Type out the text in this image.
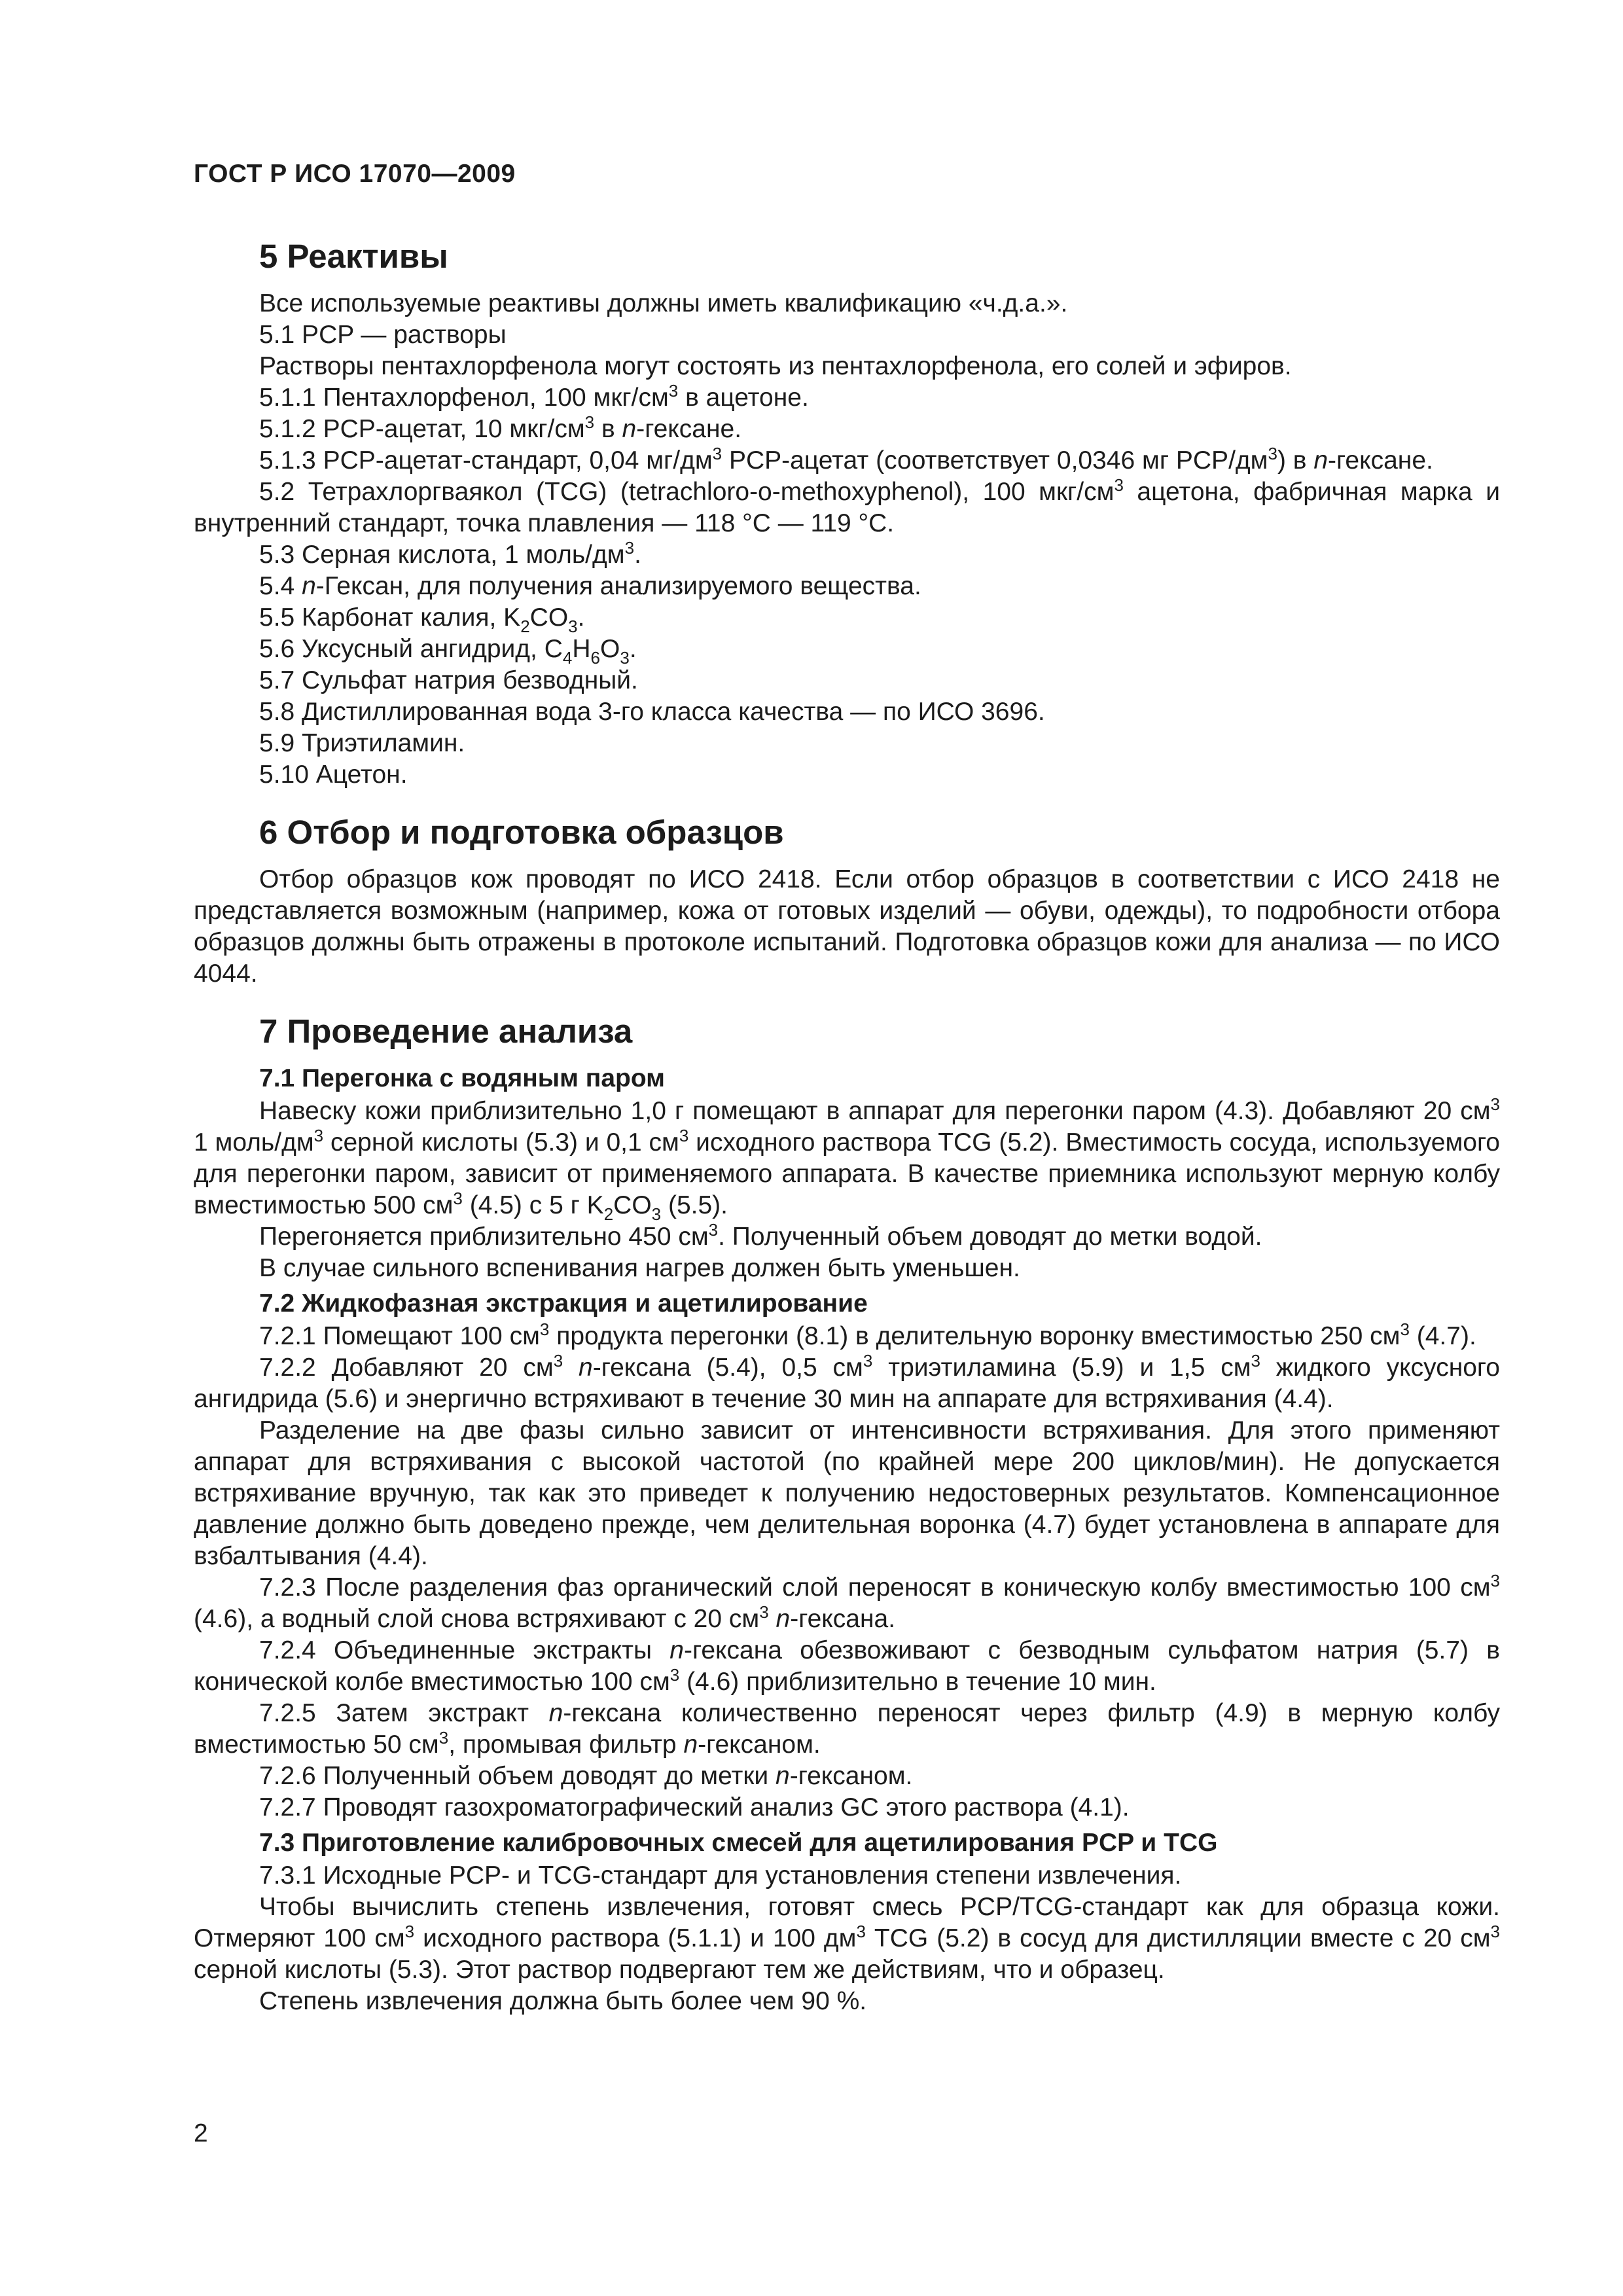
ГОСТ Р ИСО 17070—2009
5 Реактивы

Все используемые реактивы должны иметь квалификацию «ч.д.а.».

5.1 PCP — растворы

Растворы пентахлорфенола могут состоять из пентахлорфенола, его солей и эфиров.

5.1.1 Пентахлорфенол, 100 мкг/$см^3$ в ацетоне.

5.1.2 PCP-ацетат, 10 мкг/$см^3$ в n-гексане.

5.1.3 PCP-ацетат-стандарт, 0,04 $мг/дм^3$ PCP-ацетат (соответствует 0,0346 мг PCP/$дм^3$) в n-гексане.

5.2 Тетрахлоргваякол (TCG) (tetrachloro-o-methoxyphenol), 100 мкг/$см^3$ ацетона, фабричная марка и внутренний стандарт, точка плавления — 118 °C — 119 °C.

5.3 Серная кислота, 1 моль/$дм^3$.

5.4 n-Гексан, для получения анализируемого вещества.

5.5 Карбонат калия, $K_2CO_3$.

5.6 Уксусный ангидрид, $C_4H_6O_3$.

5.7 Сульфат натрия безводный.

5.8 Дистиллированная вода 3-го класса качества — по ИСО 3696.

5.9 Триэтиламин.

5.10 Ацетон.

6 Отбор и подготовка образцов

Отбор образцов кож проводят по ИСО 2418. Если отбор образцов в соответствии с ИСО 2418 не представляется возможным (например, кожа от готовых изделий — обуви, одежды), то подробности отбора образцов должны быть отражены в протоколе испытаний. Подготовка образцов кожи для анализа — по ИСО 4044.

7 Проведение анализа
7.1 Перегонка с водяным паром

Навеску кожи приблизительно 1,0 г помещают в аппарат для перегонки паром (4.3). Добавляют 20 $см^3$ 1 моль/$дм^3$ серной кислоты (5.3) и 0,1 $см^3$ исходного раствора TCG (5.2). Вместимость сосуда, используемого для перегонки паром, зависит от применяемого аппарата. В качестве приемника используют мерную колбу вместимостью 500 $см^3$ (4.5) с 5 г $K_2CO_3$ (5.5).

Перегоняется приблизительно 450 $см^3$. Полученный объем доводят до метки водой.

В случае сильного вспенивания нагрев должен быть уменьшен.

7.2 Жидкофазная экстракция и ацетилирование

7.2.1 Помещают 100 $см^3$ продукта перегонки (8.1) в делительную воронку вместимостью 250 $см^3$ (4.7).

7.2.2 Добавляют 20 $см^3$ n-гексана (5.4), 0,5 $см^3$ триэтиламина (5.9) и 1,5 $см^3$ жидкого уксусного ангидрида (5.6) и энергично встряхивают в течение 30 мин на аппарате для встряхивания (4.4).

Разделение на две фазы сильно зависит от интенсивности встряхивания. Для этого применяют аппарат для встряхивания с высокой частотой (по крайней мере 200 циклов/мин). Не допускается встряхивание вручную, так как это приведет к получению недостоверных результатов. Компенсационное давление должно быть доведено прежде, чем делительная воронка (4.7) будет установлена в аппарате для взбалтывания (4.4).

7.2.3 После разделения фаз органический слой переносят в коническую колбу вместимостью 100 $см^3$ (4.6), а водный слой снова встряхивают с 20 $см^3$ n-гексана.

7.2.4 Объединенные экстракты n-гексана обезвоживают с безводным сульфатом натрия (5.7) в конической колбе вместимостью 100 $см^3$ (4.6) приблизительно в течение 10 мин.

7.2.5 Затем экстракт n-гексана количественно переносят через фильтр (4.9) в мерную колбу вместимостью 50 $см^3$, промывая фильтр n-гексаном.

7.2.6 Полученный объем доводят до метки n-гексаном.

7.2.7 Проводят газохроматографический анализ GC этого раствора (4.1).

7.3 Приготовление калибровочных смесей для ацетилирования PCP и TCG

7.3.1 Исходные PCP- и TCG-стандарт для установления степени извлечения.

Чтобы вычислить степень извлечения, готовят смесь PCP/TCG-стандарт как для образца кожи. Отмеряют 100 $см^3$ исходного раствора (5.1.1) и 100 $дм^3$ TCG (5.2) в сосуд для дистилляции вместе с 20 $см^3$ серной кислоты (5.3). Этот раствор подвергают тем же действиям, что и образец.

Степень извлечения должна быть более чем 90 %.

2
